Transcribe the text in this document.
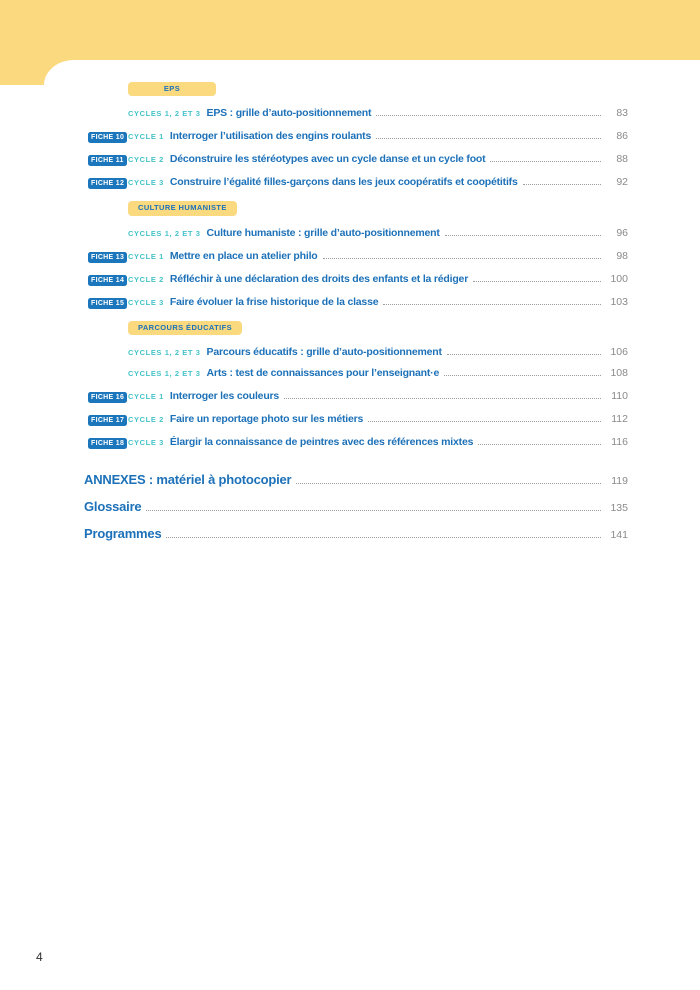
EPS
CYCLES 1, 2 ET 3 EPS : grille d’auto-positionnement	83
FICHE 10 CYCLE 1 Interroger l’utilisation des engins roulants	86
FICHE 11 CYCLE 2 Déconstruire les stéréotypes avec un cycle danse et un cycle foot	88
FICHE 12 CYCLE 3 Construire l’égalité filles-garçons dans les jeux coopératifs et coopétitifs	92
CULTURE HUMANISTE
CYCLES 1, 2 ET 3 Culture humaniste : grille d’auto-positionnement	96
FICHE 13 CYCLE 1 Mettre en place un atelier philo	98
FICHE 14 CYCLE 2 Réfléchir à une déclaration des droits des enfants et la rédiger	100
FICHE 15 CYCLE 3 Faire évoluer la frise historique de la classe	103
PARCOURS ÉDUCATIFS
CYCLES 1, 2 ET 3 Parcours éducatifs : grille d’auto-positionnement	106
CYCLES 1, 2 ET 3 Arts : test de connaissances pour l’enseignant·e	108
FICHE 16 CYCLE 1 Interroger les couleurs	110
FICHE 17 CYCLE 2 Faire un reportage photo sur les métiers	112
FICHE 18 CYCLE 3 Élargir la connaissance de peintres avec des références mixtes	116
ANNEXES : matériel à photocopier	119
Glossaire	135
Programmes	141
4
